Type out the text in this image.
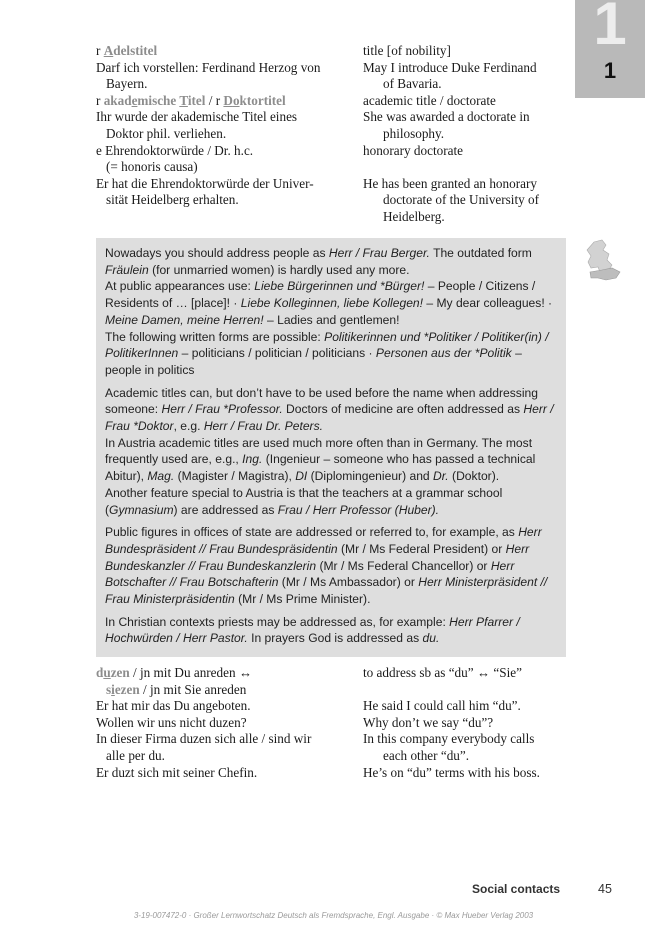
1
1
r Adelstitel	title [of nobility]
Darf ich vorstellen: Ferdinand Herzog von	May I introduce Duke Ferdinand
Bayern.	of Bavaria.
r akademische Titel / r Doktortitel	academic title / doctorate
Ihr wurde der akademische Titel eines	She was awarded a doctorate in
Doktor phil. verliehen.	philosophy.
e Ehrendoktorwürde / Dr. h.c.	honorary doctorate
(= honoris causa)
Er hat die Ehrendoktorwürde der Univer-	He has been granted an honorary
sität Heidelberg erhalten.	doctorate of the University of
Heidelberg.

Nowadays you should address people as Herr / Frau Berger. The outdated form Fräulein (for unmarried women) is hardly used any more.
At public appearances use: Liebe Bürgerinnen und *Bürger! – People / Citizens / Residents of … [place]! · Liebe Kolleginnen, liebe Kollegen! – My dear colleagues! · Meine Damen, meine Herren! – Ladies and gentlemen!
The following written forms are possible: Politikerinnen und *Politiker / Politiker(in) / PolitikerInnen – politicians / politician / politicians · Personen aus der *Politik – people in politics

Academic titles can, but don’t have to be used before the name when addressing someone: Herr / Frau *Professor. Doctors of medicine are often addressed as Herr / Frau *Doktor, e.g. Herr / Frau Dr. Peters.
In Austria academic titles are used much more often than in Germany. The most frequently used are, e.g., Ing. (Ingenieur – someone who has passed a technical Abitur), Mag. (Magister / Magistra), DI (Diplomingenieur) and Dr. (Doktor).
Another feature special to Austria is that the teachers at a grammar school (Gymnasium) are addressed as Frau / Herr Professor (Huber).

Public figures in offices of state are addressed or referred to, for example, as Herr Bundespräsident // Frau Bundespräsidentin (Mr / Ms Federal President) or Herr Bundeskanzler // Frau Bundeskanzlerin (Mr / Ms Federal Chancellor) or Herr Botschafter // Frau Botschafterin (Mr / Ms Ambassador) or Herr Ministerpräsident // Frau Ministerpräsidentin (Mr / Ms Prime Minister).

In Christian contexts priests may be addressed as, for example: Herr Pfarrer / Hochwürden / Herr Pastor. In prayers God is addressed as du.

duzen / jn mit Du anreden ↔	to address sb as “du” ↔ “Sie”
siezen / jn mit Sie anreden
Er hat mir das Du angeboten.	He said I could call him “du”.
Wollen wir uns nicht duzen?	Why don’t we say “du”?
In dieser Firma duzen sich alle / sind wir	In this company everybody calls
alle per du.	each other “du”.
Er duzt sich mit seiner Chefin.	He’s on “du” terms with his boss.
Social contacts	45
3-19-007472-0 · Großer Lernwortschatz Deutsch als Fremdsprache, Engl. Ausgabe · © Max Hueber Verlag 2003
